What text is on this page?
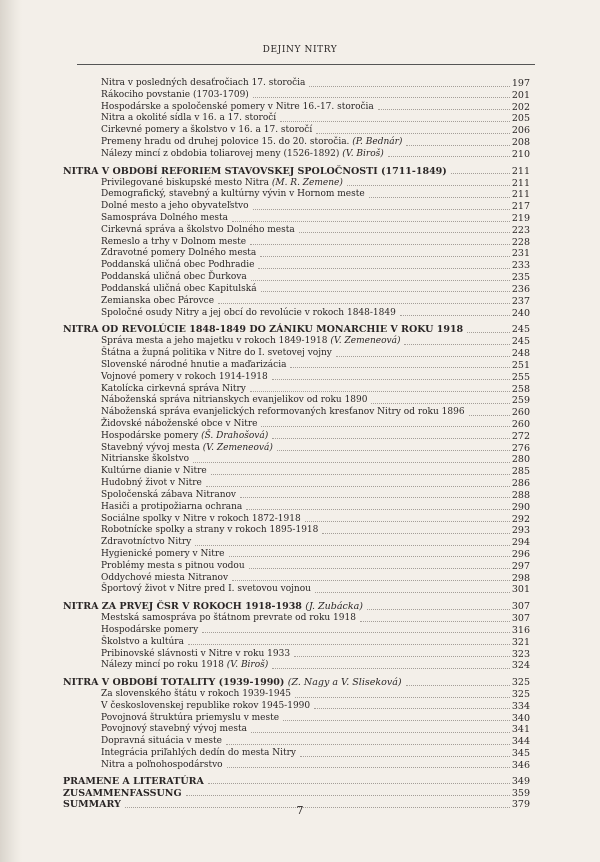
DEJINY NITRY
Nitra v posledných desaťročiach 17. storočia	197
Rákociho povstanie (1703-1709)	201
Hospodárske a spoločenské pomery v Nitre 16.-17. storočia	202
Nitra a okolité sídla v 16. a 17. storočí	205
Cirkevné pomery a školstvo v 16. a 17. storočí	206
Premeny hradu od druhej polovice 15. do 20. storočia. (P. Bednár)	208
Nálezy mincí z obdobia toliarovej meny (1526-1892) (V. Biroš)	210
NITRA V OBDOBÍ REFORIEM STAVOVSKEJ SPOLOČNOSTI (1711-1849)	211
Privilegované biskupské mesto Nitra (M. R. Zemene)	211
Demografický, stavebný a kultúrny vývin v Hornom meste	211
Dolné mesto a jeho obyvateľstvo	217
Samospráva Dolného mesta	219
Cirkevná správa a školstvo Dolného mesta	223
Remeslo a trhy v Dolnom meste	228
Zdravotné pomery Dolného mesta	231
Poddanská uličná obec Podhradie	233
Poddanská uličná obec Ďurkova	235
Poddanská uličná obec Kapitulská	236
Zemianska obec Párovce	237
Spoločné osudy Nitry a jej obcí do revolúcie v rokoch 1848-1849	240
NITRA OD REVOLÚCIE 1848-1849 DO ZÁNIKU MONARCHIE V ROKU 1918	245
Správa mesta a jeho majetku v rokoch 1849-1918 (V. Zemeneová)	245
Štátna a župná politika v Nitre do I. svetovej vojny	248
Slovenské národné hnutie a maďarizácia	251
Vojnové pomery v rokoch 1914-1918	255
Katolícka cirkevná správa Nitry	258
Náboženská správa nitrianskych evanjelikov od roku 1890	259
Náboženská správa evanjelických reformovaných kresťanov Nitry od roku 1896	260
Židovské náboženské obce v Nitre	260
Hospodárske pomery (Š. Drahošová)	272
Stavebný vývoj mesta (V. Zemeneová)	276
Nitrianske školstvo	280
Kultúrne dianie v Nitre	285
Hudobný život v Nitre	286
Spoločenská zábava Nitranov	288
Hasiči a protipožiarna ochrana	290
Sociálne spolky v Nitre v rokoch 1872-1918	292
Robotnícke spolky a strany v rokoch 1895-1918	293
Zdravotníctvo Nitry	294
Hygienické pomery v Nitre	296
Problémy mesta s pitnou vodou	297
Oddychové miesta Nitranov	298
Športový život v Nitre pred I. svetovou vojnou	301
NITRA ZA PRVEJ ČSR V ROKOCH 1918-1938 (J. Zubácka)	307
Mestská samospráva po štátnom prevrate od roku 1918	307
Hospodárske pomery	316
Školstvo a kultúra	321
Pribinovské slávnosti v Nitre v roku 1933	323
Nálezy mincí po roku 1918 (V. Biroš)	324
NITRA V OBDOBÍ TOTALITY (1939-1990) (Z. Nagy a V. Sliseková)	325
Za slovenského štátu v rokoch 1939-1945	325
V československej republike rokov 1945-1990	334
Povojnová štruktúra priemyslu v meste	340
Povojnový stavebný vývoj mesta	341
Dopravná situácia v meste	344
Integrácia priľahlých dedín do mesta Nitry	345
Nitra a poľnohospodárstvo	346
PRAMENE A LITERATÚRA	349
ZUSAMMENFASSUNG	359
SUMMARY	379
7
